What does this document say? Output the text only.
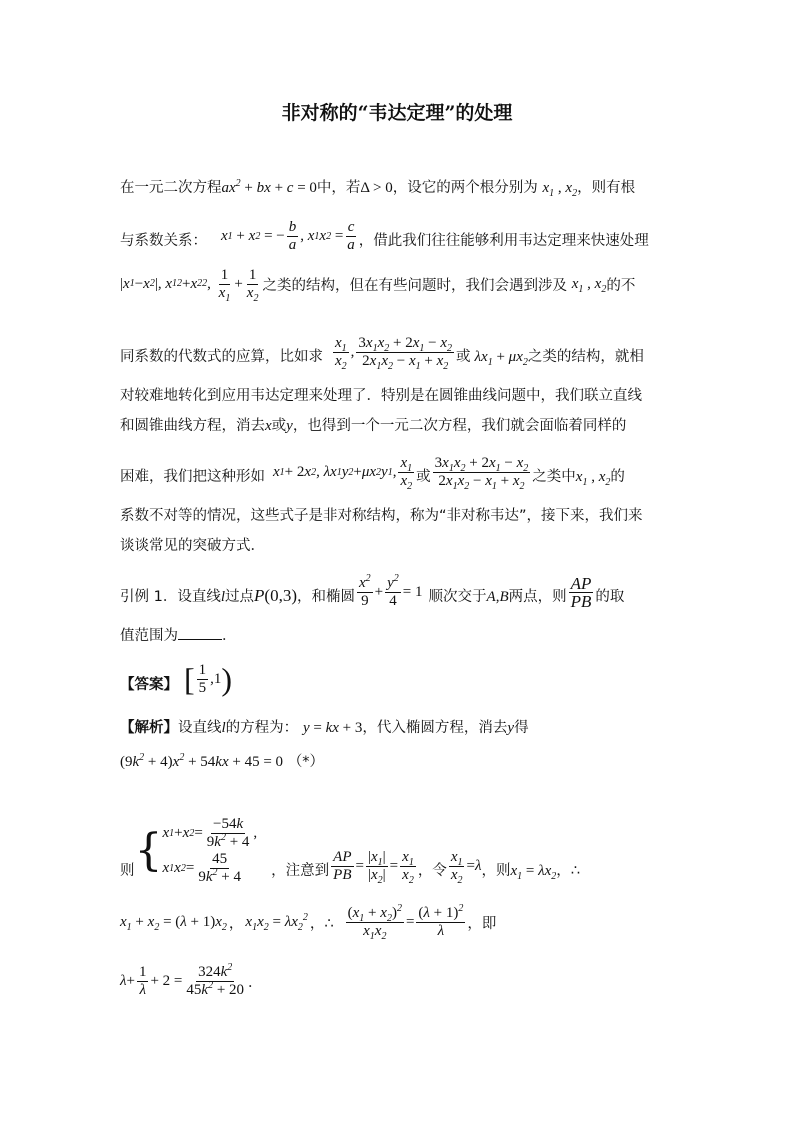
非对称的“韦达定理”的处理
在一元二次方程$ax^2$ + bx + c = 0中，若Δ > 0，设它的两个根分别为 $x_1$ , $x_2$，则有根
与系数关系： x 1
+ x 2
= − $\frac{b}{a}$ , x 1 x 2
= $\frac{c}{a}$ ，借此我们往往能够利用韦达定理来快速处理
| x 1 − x 2 | , x 1 2 + x 2 2 ,
$\frac{1}{x_1} + \frac{1}{x_2}$ 之类的结构，但在有些问题时，我们会遇到涉及
$x_1$ , $x_2$ 的不
同系数的代数式的应算，比如求 $\frac{x_1}{x_2}$ , $\frac{3x_1x_2 + 2x_1 - x_2}{2x_1x_2 - x_1 + x_2}$ 或 $\lambda x_1 + \mu x_2$ 之类的结构，就相
对较难地转化到应用韦达定理来处理了．特别是在圆锥曲线问题中，我们联立直线
和圆锥曲线方程，消去x或y，也得到一个一元二次方程，我们就会面临着同样的
困难，我们把这种形如 x 1 + 2 x 2 , λx 1 y 2 + μx 2 y 1 , $\frac{x_1}{x_2}$ 或 $\frac{3x_1x_2 + 2x_1 - x_2}{2x_1x_2 - x_1 + x_2}$ 之类中 $x_1$ , $x_2$ 的
系数不对等的情况，这些式子是非对称结构，称为“非对称韦达”，接下来，我们来
谈谈常见的突破方式．
引例 1．设直线 l 过点 P(0,3) ，和椭圆 $\frac{x^2}{9} + \frac{y^2}{4} = 1$ 顺次交于 A,B 两点，则 $\frac{AP}{PB}$ 的取
值范围为	．
【答案】 [ $\frac{1}{5} ,1$ )
【解析】设直线l的方程为： y = kx + 3，代入椭圆方程，消去y得
$(9k^2 + 4)x^2 + 54kx + 45 = 0$ （*）
则 { x 1 + x $2 = \frac{-54k}{9k^2 + 4}$ ,
x 1 x $2 = \frac{45}{9k^2 + 4}$ ，注意到 $\frac{AP}{PB} = \frac{|x_1|}{|x_2|} = \frac{x_1}{x_2}$ ，令 $\frac{x_1}{x_2} = \lambda$ ，则 $x_1 = \lambda x_2$ ，∴
$x_1 + x_2 = (\lambda + 1)x_2$ ， $x_1x_2 = \lambda x_2^2$ ，∴ $\frac{(x_1 + x_2)^2}{x_1x_2} = \frac{(\lambda + 1)^2}{\lambda}$ ，即
$\lambda + \frac{1}{\lambda} + 2 = \frac{324k^2}{45k^2 + 20}$ ．
